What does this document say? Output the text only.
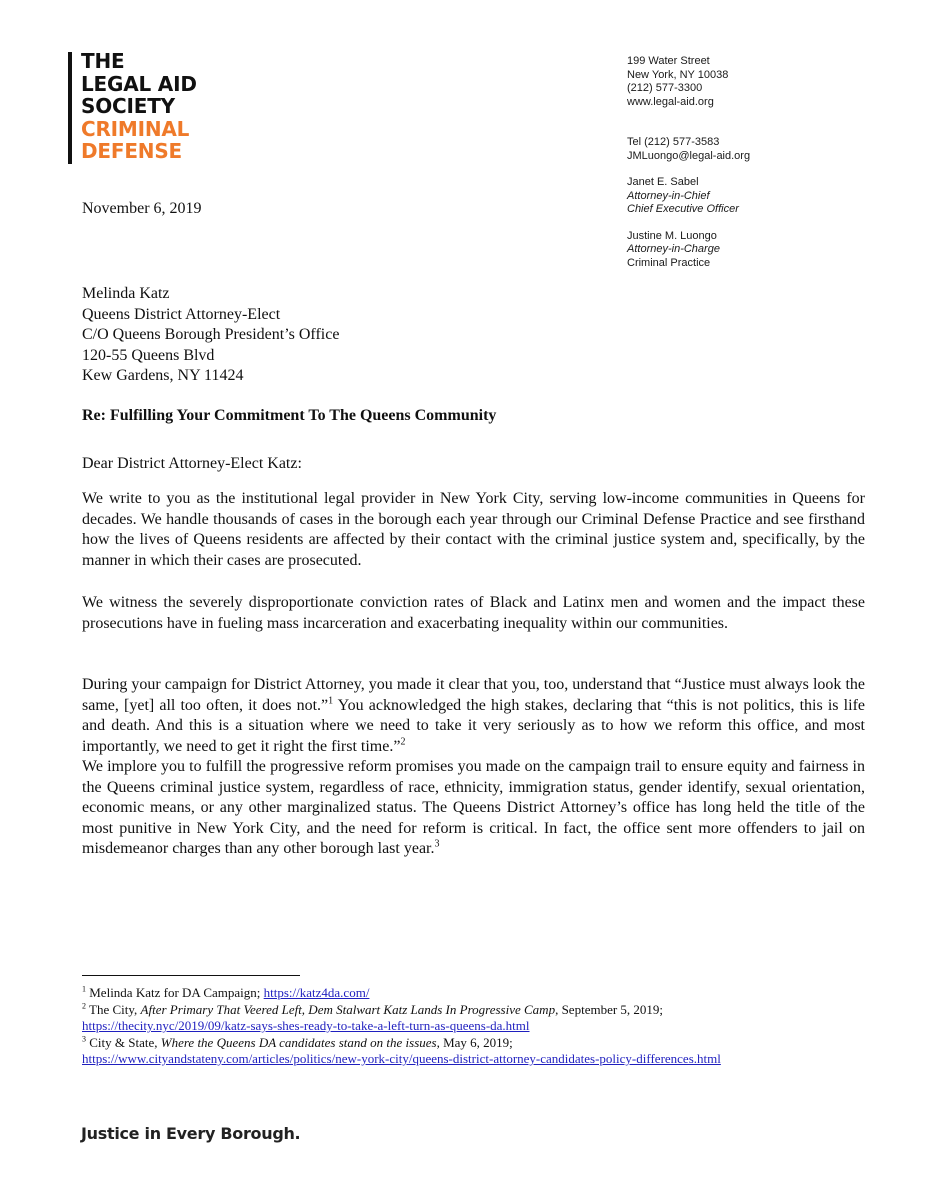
THE
LEGAL AID
SOCIETY
CRIMINAL
DEFENSE
199 Water Street
New York, NY 10038
(212) 577-3300
www.legal-aid.org
Tel (212) 577-3583
JMLuongo@legal-aid.org
Janet E. Sabel
Attorney-in-Chief
Chief Executive Officer
Justine M. Luongo
Attorney-in-Charge
Criminal Practice
November 6, 2019
Melinda Katz
Queens District Attorney-Elect
C/O Queens Borough President’s Office
120-55 Queens Blvd
Kew Gardens, NY 11424
Re: Fulfilling Your Commitment To The Queens Community
Dear District Attorney-Elect Katz:
We write to you as the institutional legal provider in New York City, serving low-income communities in Queens for decades. We handle thousands of cases in the borough each year through our Criminal Defense Practice and see firsthand how the lives of Queens residents are affected by their contact with the criminal justice system and, specifically, by the manner in which their cases are prosecuted.
We witness the severely disproportionate conviction rates of Black and Latinx men and women and the impact these prosecutions have in fueling mass incarceration and exacerbating inequality within our communities.
During your campaign for District Attorney, you made it clear that you, too, understand that “Justice must always look the same, [yet] all too often, it does not.”$^1$ You acknowledged the high stakes, declaring that “this is not politics, this is life and death. And this is a situation where we need to take it very seriously as to how we reform this office, and most importantly, we need to get it right the first time.”$^2$
We implore you to fulfill the progressive reform promises you made on the campaign trail to ensure equity and fairness in the Queens criminal justice system, regardless of race, ethnicity, immigration status, gender identify, sexual orientation, economic means, or any other marginalized status. The Queens District Attorney’s office has long held the title of the most punitive in New York City, and the need for reform is critical. In fact, the office sent more offenders to jail on misdemeanor charges than any other borough last year.$^3$
$^1$ Melinda Katz for DA Campaign; https://katz4da.com/
$^2$ The City, After Primary That Veered Left, Dem Stalwart Katz Lands In Progressive Camp, September 5, 2019;
https://thecity.nyc/2019/09/katz-says-shes-ready-to-take-a-left-turn-as-queens-da.html
$^3$ City & State, Where the Queens DA candidates stand on the issues, May 6, 2019;
https://www.cityandstateny.com/articles/politics/new-york-city/queens-district-attorney-candidates-policy-differences.html
Justice in Every Borough.
